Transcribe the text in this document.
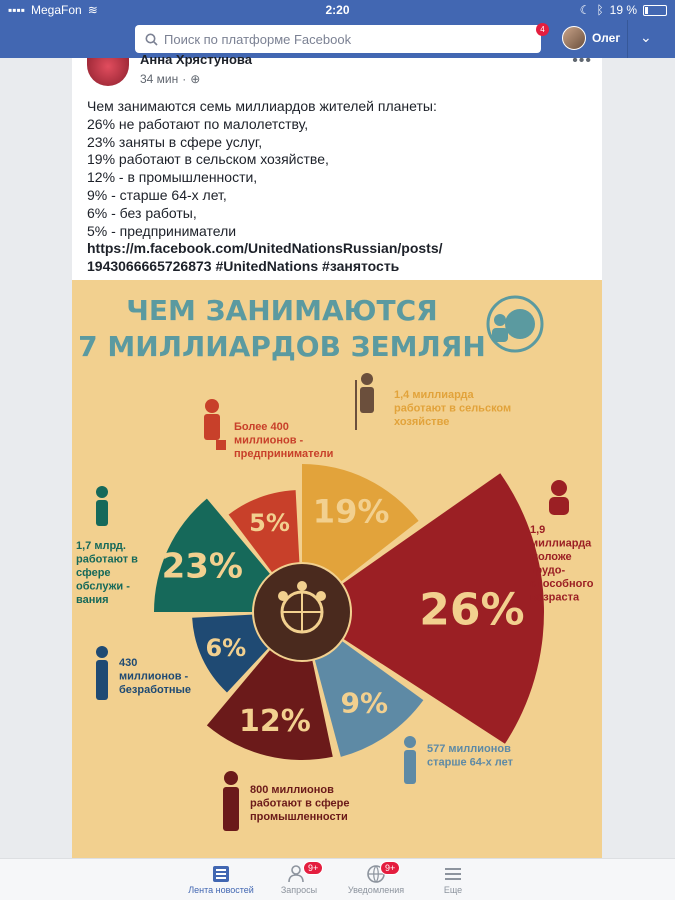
▪▪▪▪ MegaFon ≋	2:20	☾ ᛒ 19 %
Поиск по платформе Facebook
4
Олег ⌄
Анна Хрястунова
34 мин · ⊕
•••
Чем занимаются семь миллиардов жителей планеты:
26% не работают по малолетству,
23% заняты в сфере услуг,
19% работают в сельском хозяйстве,
12% - в промышленности,
9% - старше 64-х лет,
6% - без работы,
5% - предприниматели
https://m.facebook.com/UnitedNationsRussian/posts/
1943066665726873 #UnitedNations #занятость
ЧЕМ ЗАНИМАЮТСЯ
7 МИЛЛИАРДОВ ЗЕМЛЯН
5% 19%
26%
9%
12%
6%
23%
Более 400 миллионов -предприниматели
1,4 миллиарда работают в сельском хозяйстве
1,9 миллиарда моложе трудо-способного возраста
577 миллионов старше 64-х лет
800 миллионов работают в сфере промышленности
430 миллионов -безработные
1,7 млрд. работают в сфере обслужи -вания
Лента новостей
9+
Запросы
9+
Уведомления	Еще
